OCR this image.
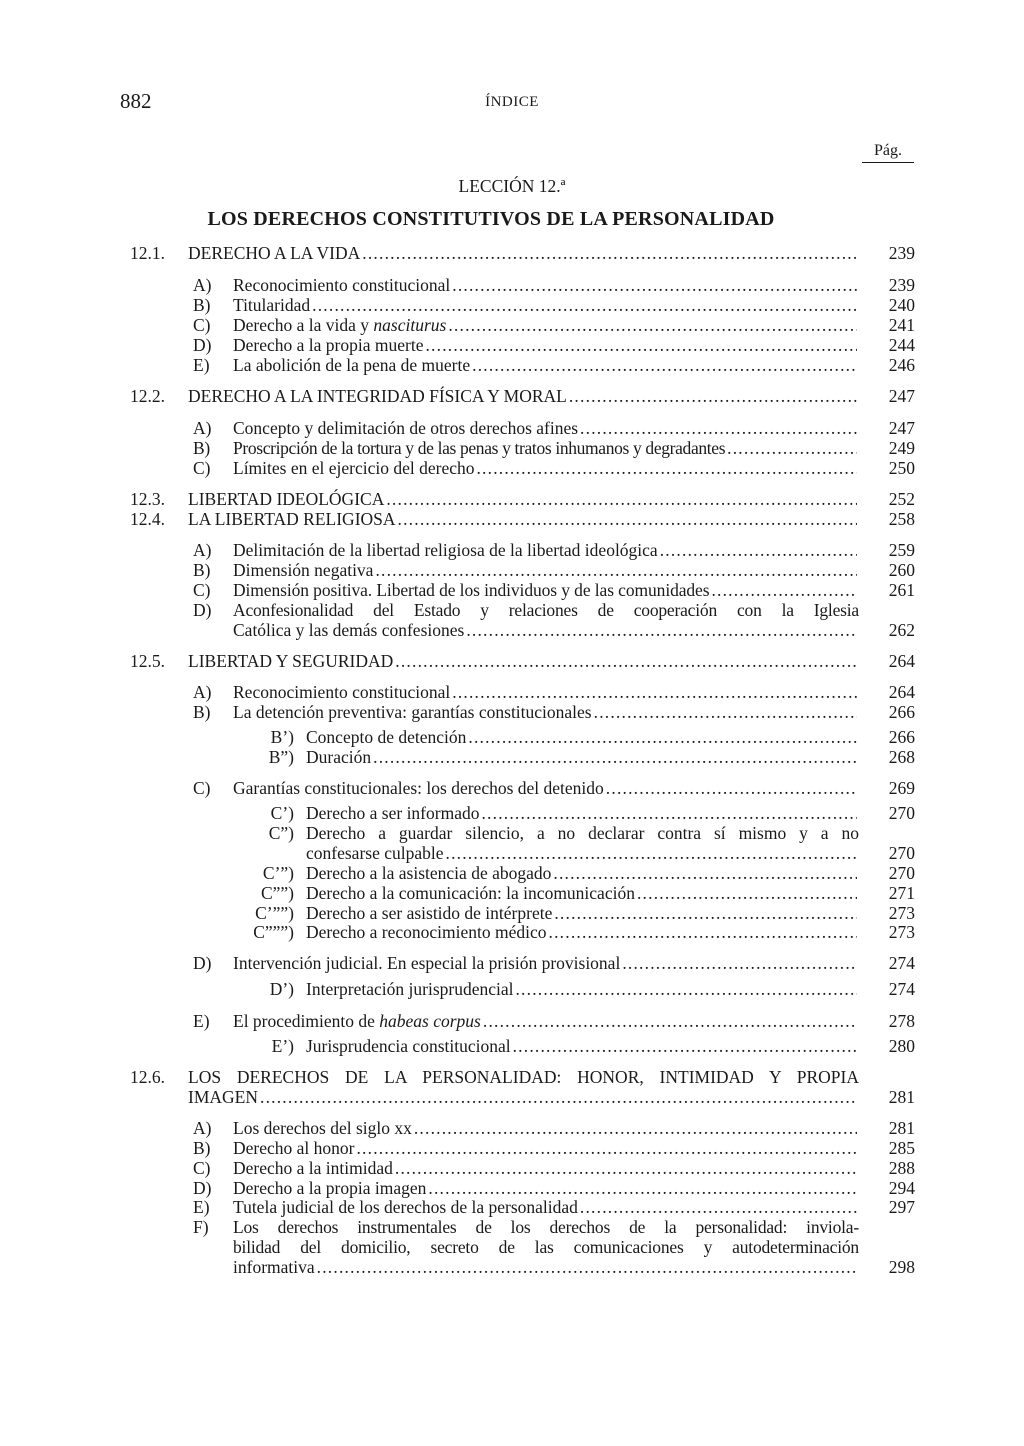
882	ÍNDICE
Pág.
LECCIÓN 12.ª
LOS DERECHOS CONSTITUTIVOS DE LA PERSONALIDAD
12.1.	DERECHO A LA VIDA .....	239
A)	Reconocimiento constitucional .....	239
B)	Titularidad .....	240
C)	Derecho a la vida y nasciturus .....	241
D)	Derecho a la propia muerte .....	244
E)	La abolición de la pena de muerte .....	246
12.2.	DERECHO A LA INTEGRIDAD FÍSICA Y MORAL .....	247
A)	Concepto y delimitación de otros derechos afines .....	247
B)	Proscripción de la tortura y de las penas y tratos inhumanos y degradantes .....	249
C)	Límites en el ejercicio del derecho .....	250
12.3.	LIBERTAD IDEOLÓGICA .....	252
12.4.	LA LIBERTAD RELIGIOSA .....	258
A)	Delimitación de la libertad religiosa de la libertad ideológica .....	259
B)	Dimensión negativa .....	260
C)	Dimensión positiva. Libertad de los individuos y de las comunidades .....	261
D)	Aconfesionalidad del Estado y relaciones de cooperación con la Iglesia
Católica y las demás confesiones .....	262
12.5.	LIBERTAD Y SEGURIDAD .....	264
A)	Reconocimiento constitucional .....	264
B)	La detención preventiva: garantías constitucionales .....	266
B’) Concepto de detención .....	266
B”) Duración .....	268
C)	Garantías constitucionales: los derechos del detenido .....	269
C’) Derecho a ser informado .....	270
C”) Derecho a guardar silencio, a no declarar contra sí mismo y a no
confesarse culpable .....	270
C’”) Derecho a la asistencia de abogado .....	270
C””) Derecho a la comunicación: la incomunicación .....	271
C’””) Derecho a ser asistido de intérprete .....	273
C”””) Derecho a reconocimiento médico .....	273
D)	Intervención judicial. En especial la prisión provisional .....	274
D’) Interpretación jurisprudencial .....	274
E)	El procedimiento de habeas corpus .....	278
E’) Jurisprudencia constitucional .....	280
12.6.	LOS DERECHOS DE LA PERSONALIDAD: HONOR, INTIMIDAD Y PROPIA
IMAGEN .....	281
A)	Los derechos del siglo xx .....	281
B)	Derecho al honor .....	285
C)	Derecho a la intimidad .....	288
D)	Derecho a la propia imagen .....	294
E)	Tutela judicial de los derechos de la personalidad .....	297
F)	Los derechos instrumentales de los derechos de la personalidad: inviola-
bilidad del domicilio, secreto de las comunicaciones y autodeterminación
informativa .....	298
